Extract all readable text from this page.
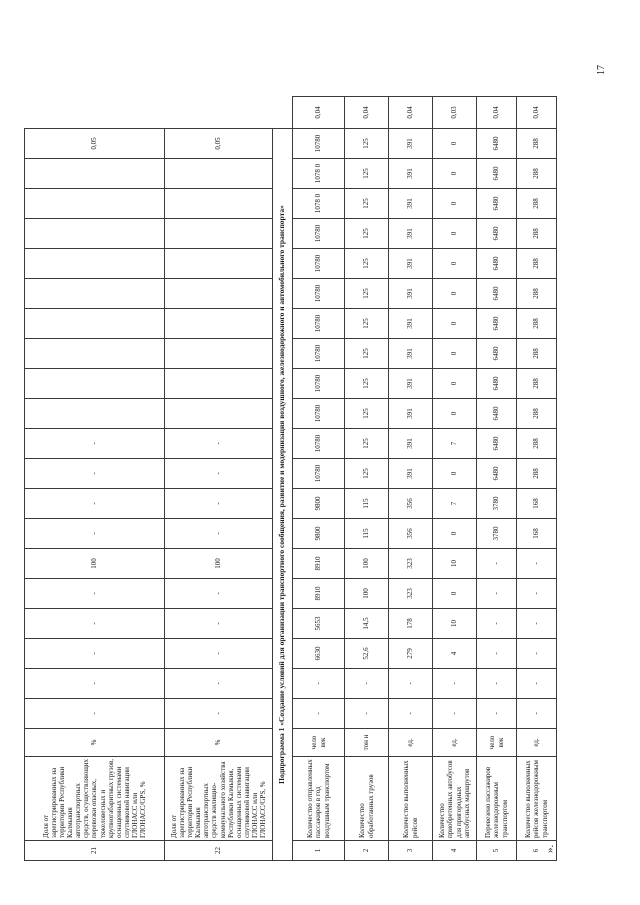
21	Доля от зарегистрированных на территории Республики Калмыкия автотранспортных средств, осуществляющих перевозки опасных, тяжеловесных и крупногабаритных грузов, оснащенных системами спутниковой навигации ГЛОНАСС или ГЛОНАСС/GPS, %	%	-	-	-	-	-	100	-	-	-	-										0,05	
22	Доля от зарегистрированных на территории Республики Калмыкия автотранспортных средств жилищно-коммунального хозяйства Республики Калмыкия, оснащенных системами спутниковой навигации ГЛОНАСС или ГЛОНАСС/GPS, %	%	-	-	-	-	-	100	-	-	-	-										0,05	
Подпрограмма 1 «Создание условий для организации транспортного сообщения, развитие и модернизация воздушного, железнодорожного и автомобильного транспорта»																							
1	Количество отправленных пассажиров в год воздушным транспортом	чело век	-	-	6630	5653	8910	8910	9800	9800	10780	10780	10780	10780	10780	10780	10780	10780	10780	1078 0	1078 0	10780	0,04
2	Количество обработанных грузов	тон н	-	-	52,6	14,5	100	100	115	115	125	125	125	125	125	125	125	125	125	125	125	125	0,04
3	Количество выполненных рейсов	ед.	-	-	279	178	323	323	356	356	391	391	391	391	391	391	391	391	391	391	391	391	0,04
4	Количество приобретенных автобусов для пригородных автобусных маршрутов	ед.	-	-	4	10	0	10	0	7	0	7	0	0	0	0	0	0	0	0	0	0	0,03
5	Перевезено пассажиров железнодорожным транспортом	чело век	-	-	-	-	-	-	3780	3780	6480	6480	6480	6480	6480	6480	6480	6480	6480	6480	6480	6480	0,04
6	Количество выполненных рейсов железнодорожным транспортом	ед.	-	-	-	-	-	-	168	168	288	288	288	288	288	288	288	288	288	288	288	288	0,04
».
17
